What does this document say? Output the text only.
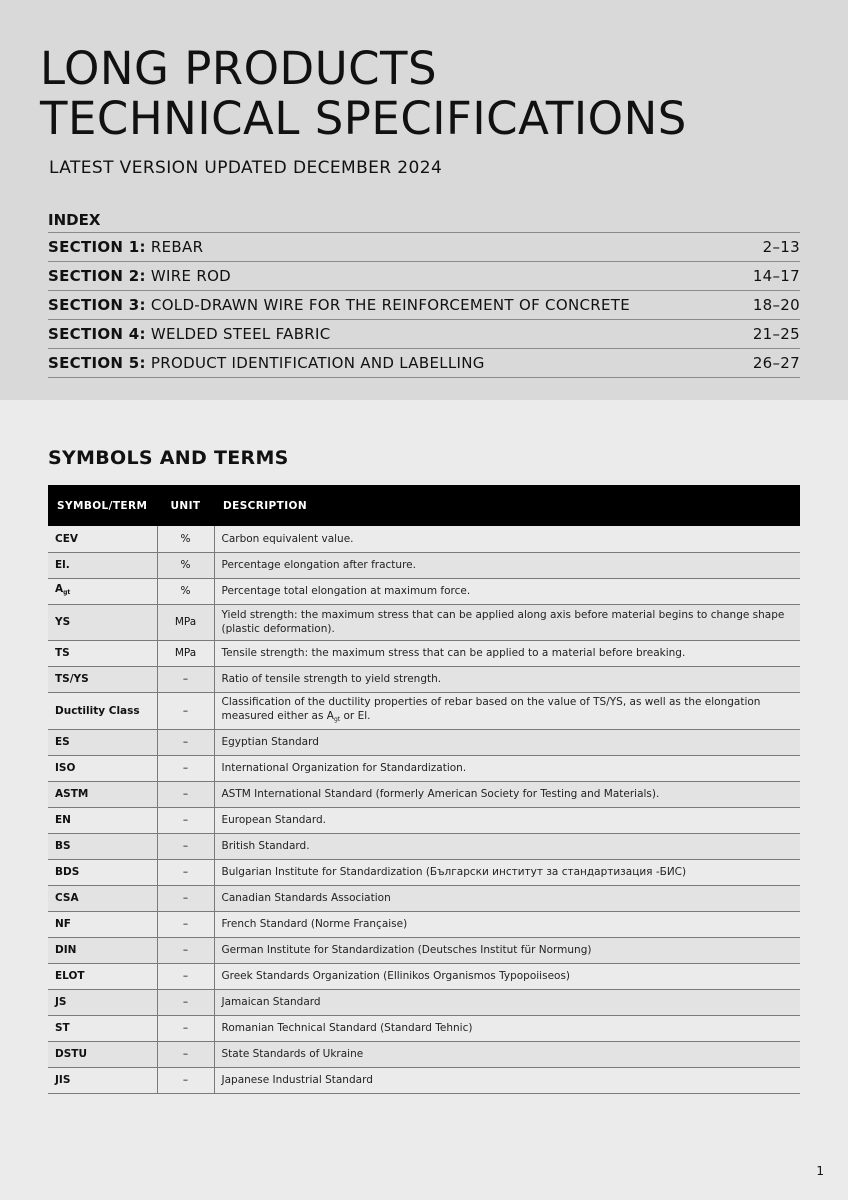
LONG PRODUCTS
TECHNICAL SPECIFICATIONS
LATEST VERSION UPDATED DECEMBER 2024
INDEX
SECTION 1: REBAR	2–13
SECTION 2: WIRE ROD	14–17
SECTION 3: COLD-DRAWN WIRE FOR THE REINFORCEMENT OF CONCRETE	18–20
SECTION 4: WELDED STEEL FABRIC	21–25
SECTION 5: PRODUCT IDENTIFICATION AND LABELLING	26–27
SYMBOLS AND TERMS
SYMBOL/TERM	UNIT	DESCRIPTION
CEV	%	Carbon equivalent value.
El.	%	Percentage elongation after fracture.
$A_{gt}$	%	Percentage total elongation at maximum force.
YS	MPa	Yield strength: the maximum stress that can be applied along axis before material begins to change shape (plastic deformation).
TS	MPa	Tensile strength: the maximum stress that can be applied to a material before breaking.
TS/YS	–	Ratio of tensile strength to yield strength.
Ductility Class	–	Classification of the ductility properties of rebar based on the value of TS/YS, as well as the elongation measured either as $A_{gt}$ or El.
ES	–	Egyptian Standard
ISO	–	International Organization for Standardization.
ASTM	–	ASTM International Standard (formerly American Society for Testing and Materials).
EN	–	European Standard.
BS	–	British Standard.
BDS	–	Bulgarian Institute for Standardization (Български институт за стандартизация -БИС)
CSA	–	Canadian Standards Association
NF	–	French Standard (Norme Française)
DIN	–	German Institute for Standardization (Deutsches Institut für Normung)
ELOT	–	Greek Standards Organization (Ellinikos Organismos Typopoiiseos)
JS	–	Jamaican Standard
ST	–	Romanian Technical Standard (Standard Tehnic)
DSTU	–	State Standards of Ukraine
JIS	–	Japanese Industrial Standard
1
